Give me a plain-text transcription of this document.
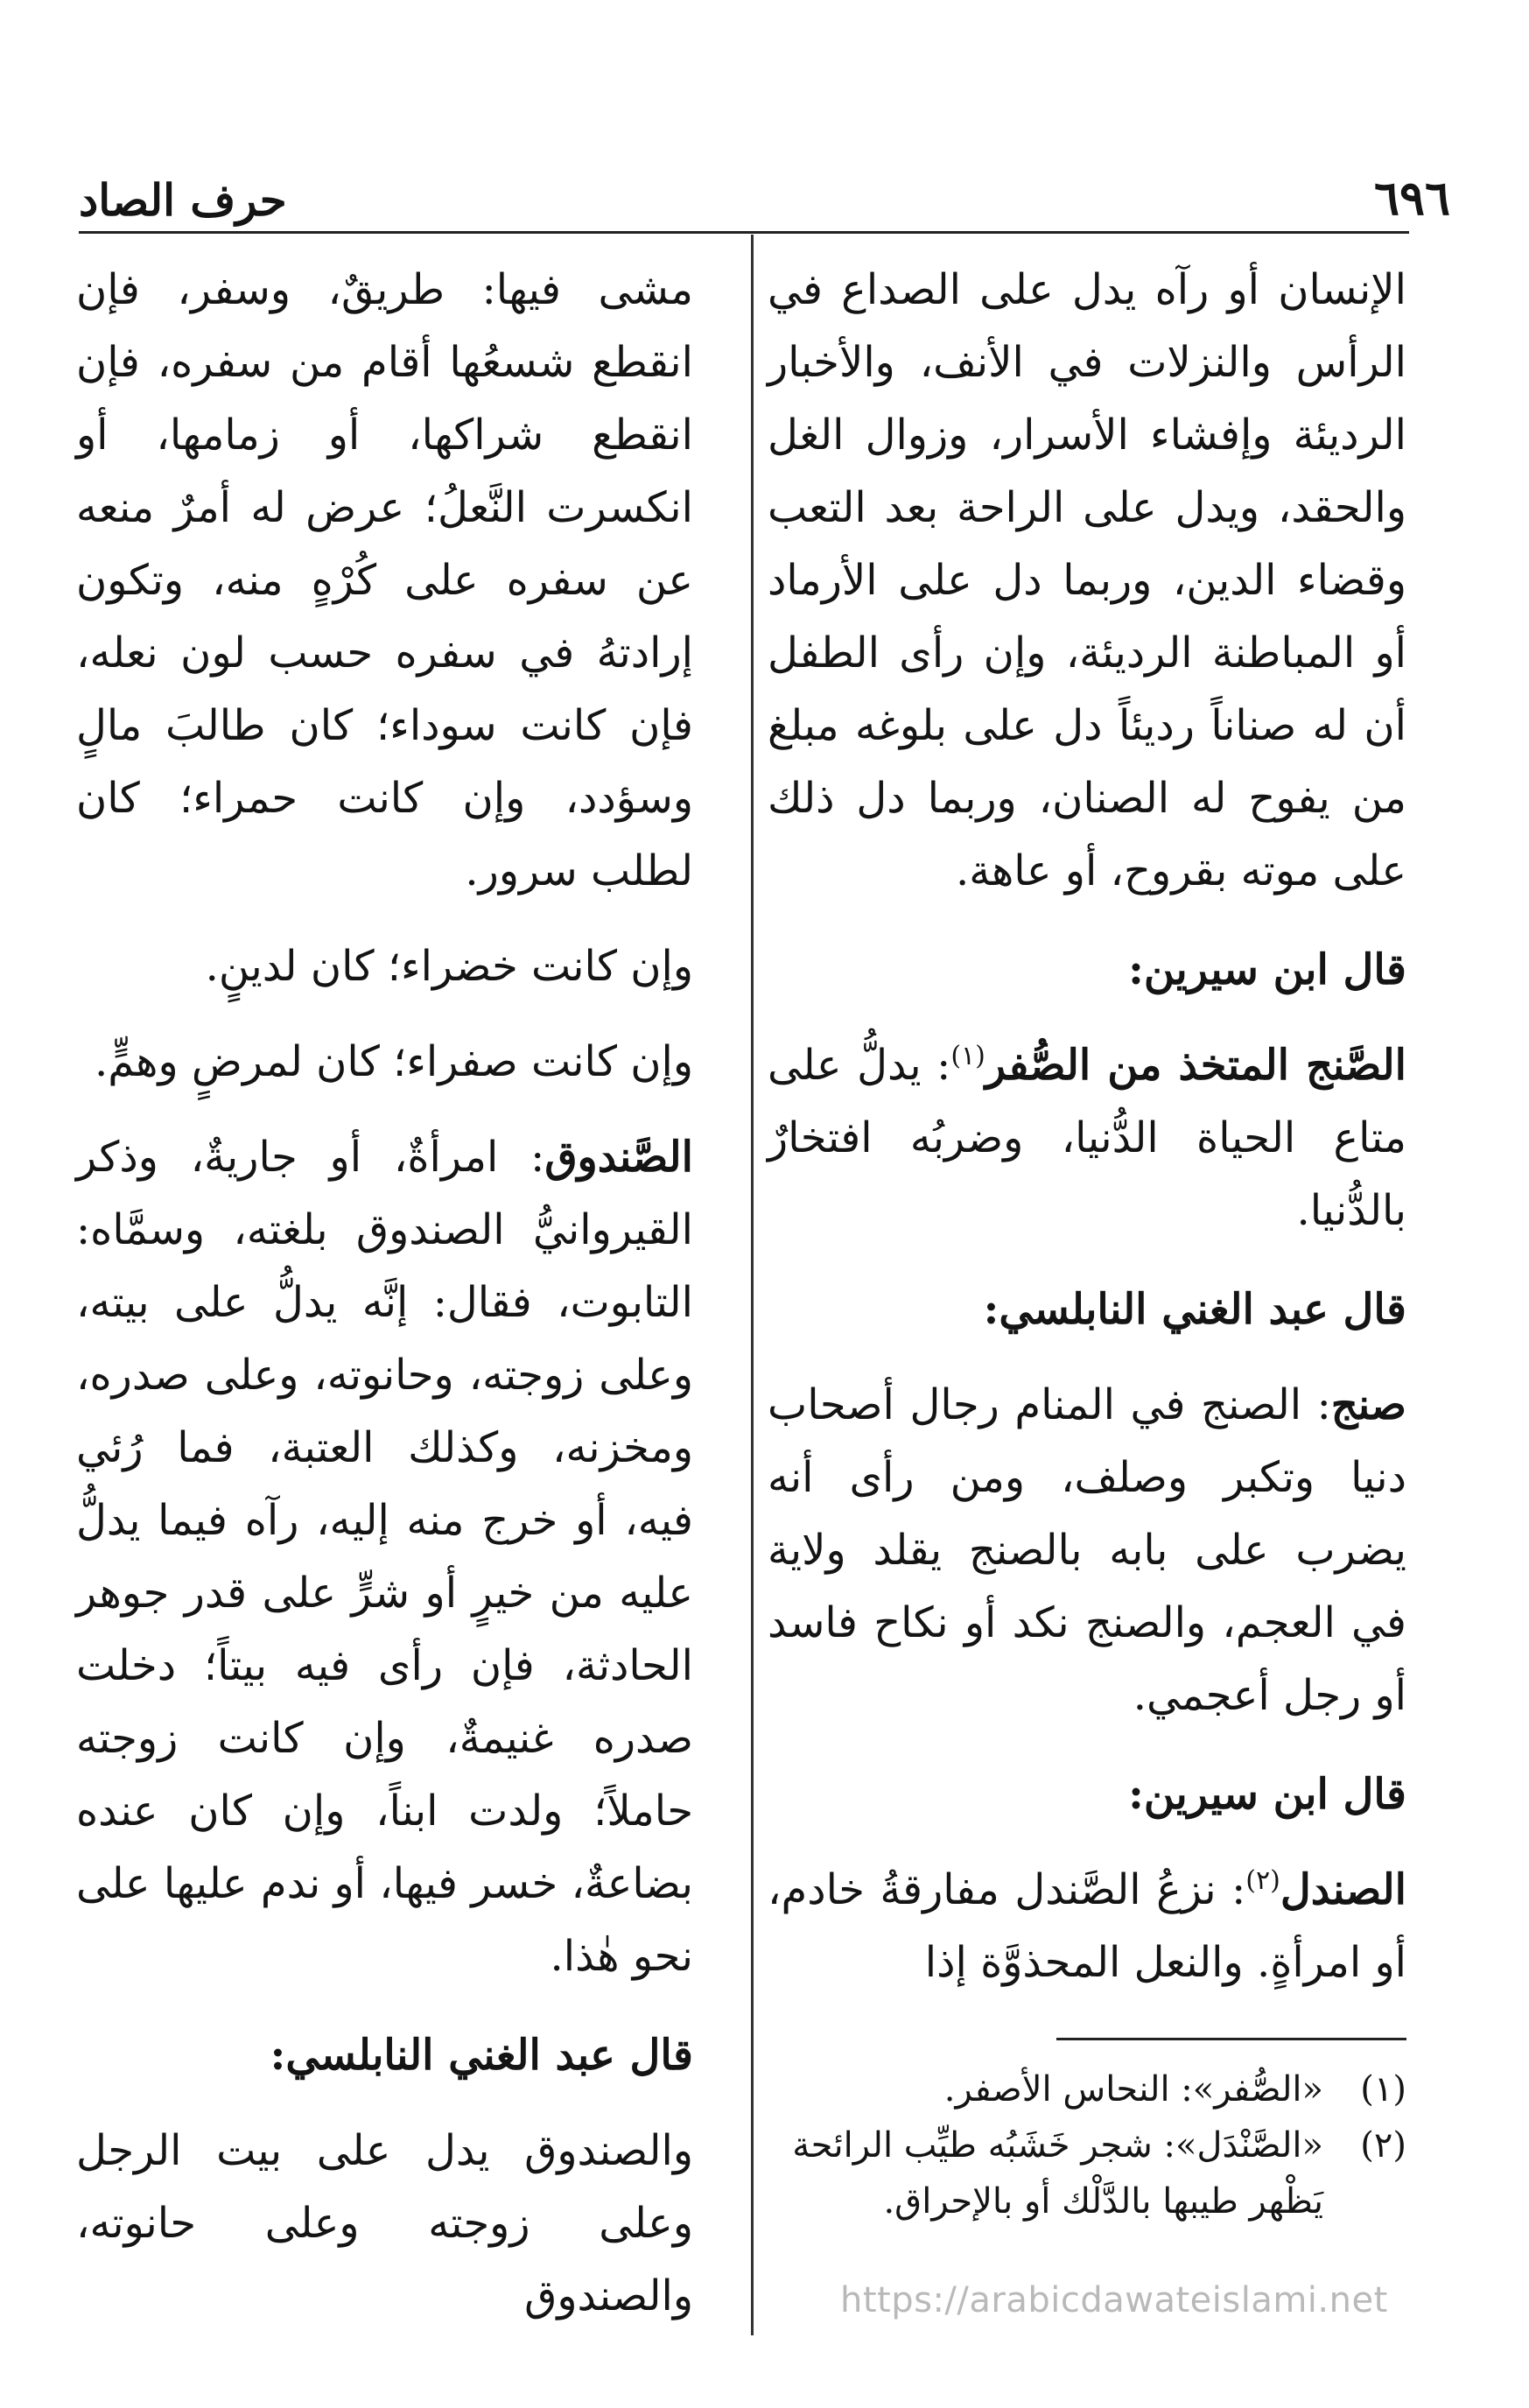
٦٩٦
حرف الصاد

الإنسان أو رآه يدل على الصداع في الرأس والنزلات في الأنف، والأخبار الرديئة وإفشاء الأسرار، وزوال الغل والحقد، ويدل على الراحة بعد التعب وقضاء الدين، وربما دل على الأرماد أو المباطنة الرديئة، وإن رأى الطفل أن له صناناً رديئاً دل على بلوغه مبلغ من يفوح له الصنان، وربما دل ذلك على موته بقروح، أو عاهة.

قال ابن سيرين:

الصَّنج المتخذ من الصُّفر$^{(١)}$: يدلُّ على متاع الحياة الدُّنيا، وضربُه افتخارٌ بالدُّنيا.

قال عبد الغني النابلسي:

صنج: الصنج في المنام رجال أصحاب دنيا وتكبر وصلف، ومن رأى أنه يضرب على بابه بالصنج يقلد ولاية في العجم، والصنج نكد أو نكاح فاسد أو رجل أعجمي.

قال ابن سيرين:

الصندل$^{(٢)}$: نزعُ الصَّندل مفارقةُ خادم، أو امرأةٍ. والنعل المحذوَّة إذا

مشى فيها: طريقٌ، وسفر، فإن انقطع شسعُها أقام من سفره، فإن انقطع شراكها، أو زمامها، أو انكسرت النَّعلُ؛ عرض له أمرٌ منعه عن سفره على كُرْهٍ منه، وتكون إرادتهُ في سفره حسب لون نعله، فإن كانت سوداء؛ كان طالبَ مالٍ وسؤدد، وإن كانت حمراء؛ كان لطلب سرور.

وإن كانت خضراء؛ كان لدينٍ.

وإن كانت صفراء؛ كان لمرضٍ وهمٍّ.

الصَّندوق: امرأةٌ، أو جاريةٌ، وذكر القيروانيُّ الصندوق بلغته، وسمَّاه: التابوت، فقال: إنَّه يدلُّ على بيته، وعلى زوجته، وحانوته، وعلى صدره، ومخزنه، وكذلك العتبة، فما رُئي فيه، أو خرج منه إليه، رآه فيما يدلُّ عليه من خيرٍ أو شرٍّ على قدر جوهر الحادثة، فإن رأى فيه بيتاً؛ دخلت صدره غنيمةٌ، وإن كانت زوجته حاملاً؛ ولدت ابناً، وإن كان عنده بضاعةٌ، خسر فيها، أو ندم عليها على نحو هٰذا.

قال عبد الغني النابلسي:

والصندوق يدل على بيت الرجل وعلى زوجته وعلى حانوته، والصندوق

(١)
«الصُّفر»: النحاس الأصفر.
(٢)
«الصَّنْدَل»: شجر خَشَبُه طيِّب الرائحة
يَظْهر طيبها بالدَّلْك أو بالإحراق.
https://arabicdawateislami.net
